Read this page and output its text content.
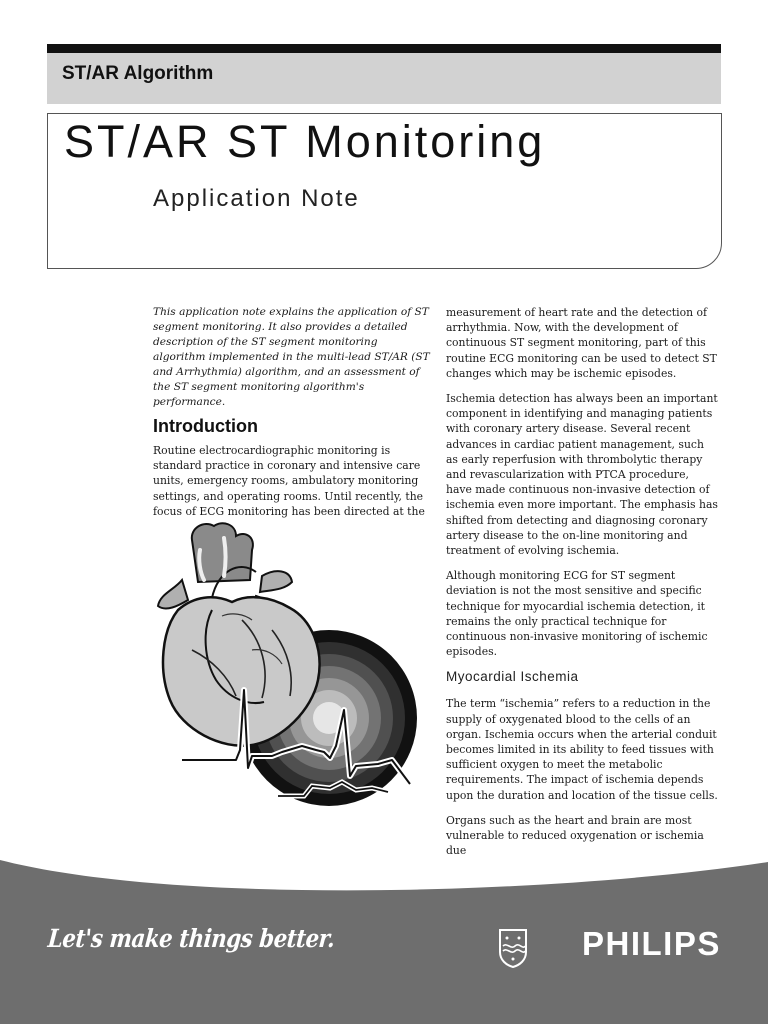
ST/AR Algorithm
ST/AR ST Monitoring
Application Note

This application note explains the application of ST segment monitoring. It also provides a detailed description of the ST segment monitoring algorithm implemented in the multi-lead ST/AR (ST and Arrhythmia) algorithm, and an assessment of the ST segment monitoring algorithm's performance.

Introduction

Routine electrocardiographic monitoring is standard practice in coronary and intensive care units, emergency rooms, ambulatory monitoring settings, and operating rooms. Until recently, the focus of ECG monitoring has been directed at the

measurement of heart rate and the detection of arrhythmia. Now, with the development of continuous ST segment monitoring, part of this routine ECG monitoring can be used to detect ST changes which may be ischemic episodes.

Ischemia detection has always been an important component in identifying and managing patients with coronary artery disease. Several recent advances in cardiac patient management, such as early reperfusion with thrombolytic therapy and revascularization with PTCA procedure, have made continuous non-invasive detection of ischemia even more important. The emphasis has shifted from detecting and diagnosing coronary artery disease to the on-line monitoring and treatment of evolving ischemia.

Although monitoring ECG for ST segment deviation is not the most sensitive and specific technique for myocardial ischemia detection, it remains the only practical technique for continuous non-invasive monitoring of ischemic episodes.

Myocardial Ischemia

The term “ischemia” refers to a reduction in the supply of oxygenated blood to the cells of an organ. Ischemia occurs when the arterial conduit becomes limited in its ability to feed tissues with sufficient oxygen to meet the metabolic requirements. The impact of ischemia depends upon the duration and location of the tissue cells.

Organs such as the heart and brain are most vulnerable to reduced oxygenation or ischemia due

Let's make things better.	PHILIPS
